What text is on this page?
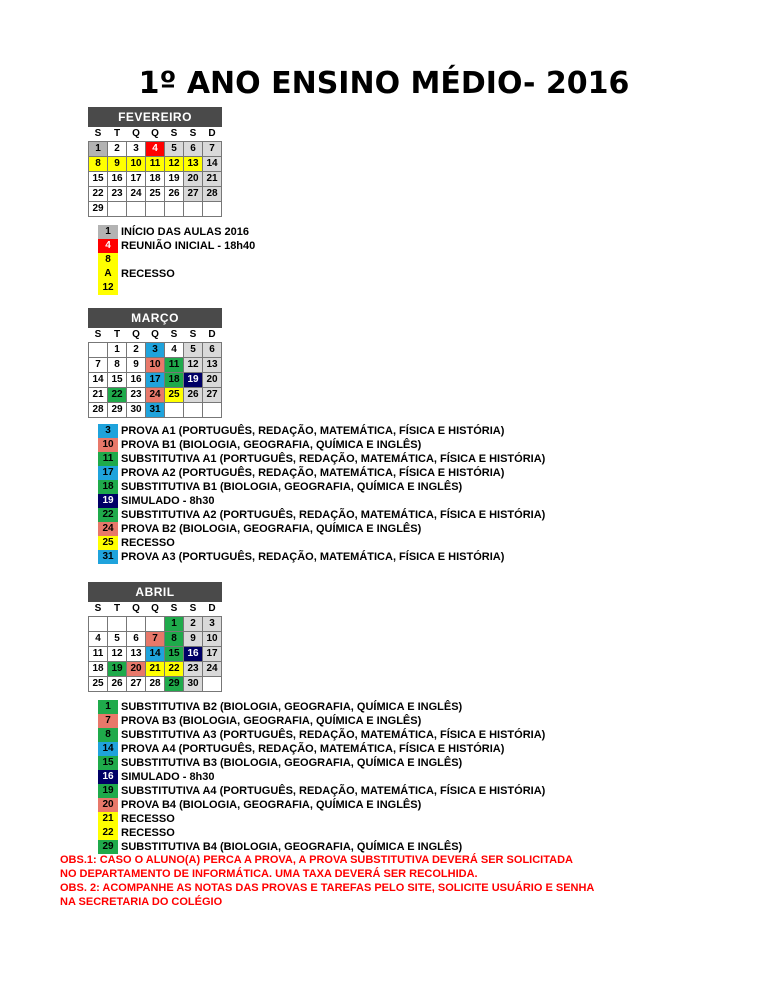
1º ANO ENSINO MÉDIO- 2016
FEVEREIRO						
S	T	Q	Q	S	S	D
1	2	3	4	5	6	7
8	9	10	11	12	13	14
15	16	17	18	19	20	21
22	23	24	25	26	27	28
29						
1 INÍCIO DAS AULAS 2016
4 REUNIÃO INICIAL - 18h40
8
A RECESSO
12
MARÇO						
S	T	Q	Q	S	S	D
	1	2	3	4	5	6
7	8	9	10	11	12	13
14	15	16	17	18	19	20
21	22	23	24	25	26	27
28	29	30	31			
3 PROVA A1 (PORTUGUÊS, REDAÇÃO, MATEMÁTICA, FÍSICA E HISTÓRIA)
10 PROVA B1 (BIOLOGIA, GEOGRAFIA, QUÍMICA E INGLÊS)
11 SUBSTITUTIVA A1 (PORTUGUÊS, REDAÇÃO, MATEMÁTICA, FÍSICA E HISTÓRIA)
17 PROVA A2 (PORTUGUÊS, REDAÇÃO, MATEMÁTICA, FÍSICA E HISTÓRIA)
18 SUBSTITUTIVA B1 (BIOLOGIA, GEOGRAFIA, QUÍMICA E INGLÊS)
19 SIMULADO - 8h30
22 SUBSTITUTIVA A2 (PORTUGUÊS, REDAÇÃO, MATEMÁTICA, FÍSICA E HISTÓRIA)
24 PROVA B2 (BIOLOGIA, GEOGRAFIA, QUÍMICA E INGLÊS)
25 RECESSO
31 PROVA A3 (PORTUGUÊS, REDAÇÃO, MATEMÁTICA, FÍSICA E HISTÓRIA)
ABRIL						
S	T	Q	Q	S	S	D
				1	2	3
4	5	6	7	8	9	10
11	12	13	14	15	16	17
18	19	20	21	22	23	24
25	26	27	28	29	30	
1 SUBSTITUTIVA B2 (BIOLOGIA, GEOGRAFIA, QUÍMICA E INGLÊS)
7 PROVA B3 (BIOLOGIA, GEOGRAFIA, QUÍMICA E INGLÊS)
8 SUBSTITUTIVA A3 (PORTUGUÊS, REDAÇÃO, MATEMÁTICA, FÍSICA E HISTÓRIA)
14 PROVA A4 (PORTUGUÊS, REDAÇÃO, MATEMÁTICA, FÍSICA E HISTÓRIA)
15 SUBSTITUTIVA B3 (BIOLOGIA, GEOGRAFIA, QUÍMICA E INGLÊS)
16 SIMULADO - 8h30
19 SUBSTITUTIVA A4 (PORTUGUÊS, REDAÇÃO, MATEMÁTICA, FÍSICA E HISTÓRIA)
20 PROVA B4 (BIOLOGIA, GEOGRAFIA, QUÍMICA E INGLÊS)
21 RECESSO
22 RECESSO
29 SUBSTITUTIVA B4 (BIOLOGIA, GEOGRAFIA, QUÍMICA E INGLÊS)
OBS.1: CASO O ALUNO(A) PERCA A PROVA, A PROVA SUBSTITUTIVA DEVERÁ SER SOLICITADA
NO DEPARTAMENTO DE INFORMÁTICA. UMA TAXA DEVERÁ SER RECOLHIDA.
OBS. 2: ACOMPANHE AS NOTAS DAS PROVAS E TAREFAS PELO SITE, SOLICITE USUÁRIO E SENHA
NA SECRETARIA DO COLÉGIO
